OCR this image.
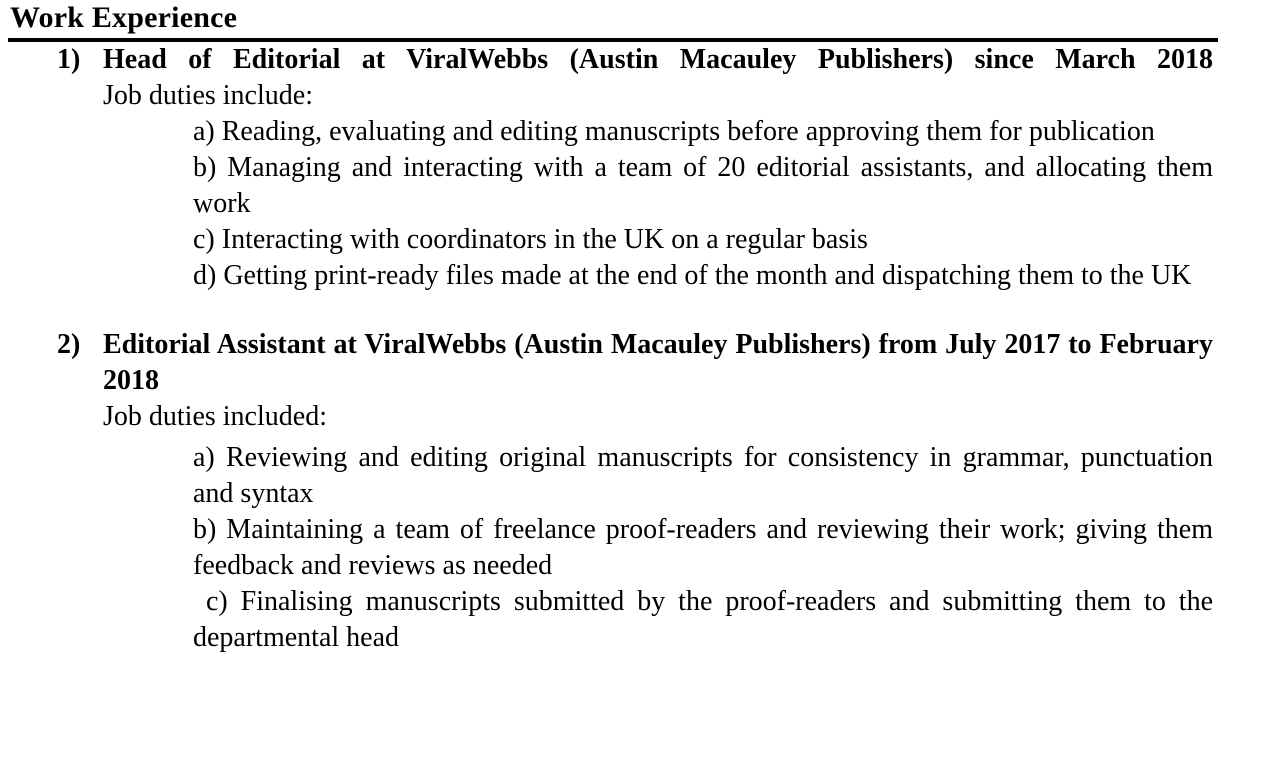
Work Experience
1) Head of Editorial at ViralWebbs (Austin Macauley Publishers) since March 2018

Job duties include:

a) Reading, evaluating and editing manuscripts before approving them for publication

b) Managing and interacting with a team of 20 editorial assistants, and allocating them work

c) Interacting with coordinators in the UK on a regular basis

d) Getting print-ready files made at the end of the month and dispatching them to the UK

2) Editorial Assistant at ViralWebbs (Austin Macauley Publishers) from July 2017 to February 2018

Job duties included:

a) Reviewing and editing original manuscripts for consistency in grammar, punctuation and syntax

b) Maintaining a team of freelance proof-readers and reviewing their work; giving them feedback and reviews as needed

c) Finalising manuscripts submitted by the proof-readers and submitting them to the departmental head
